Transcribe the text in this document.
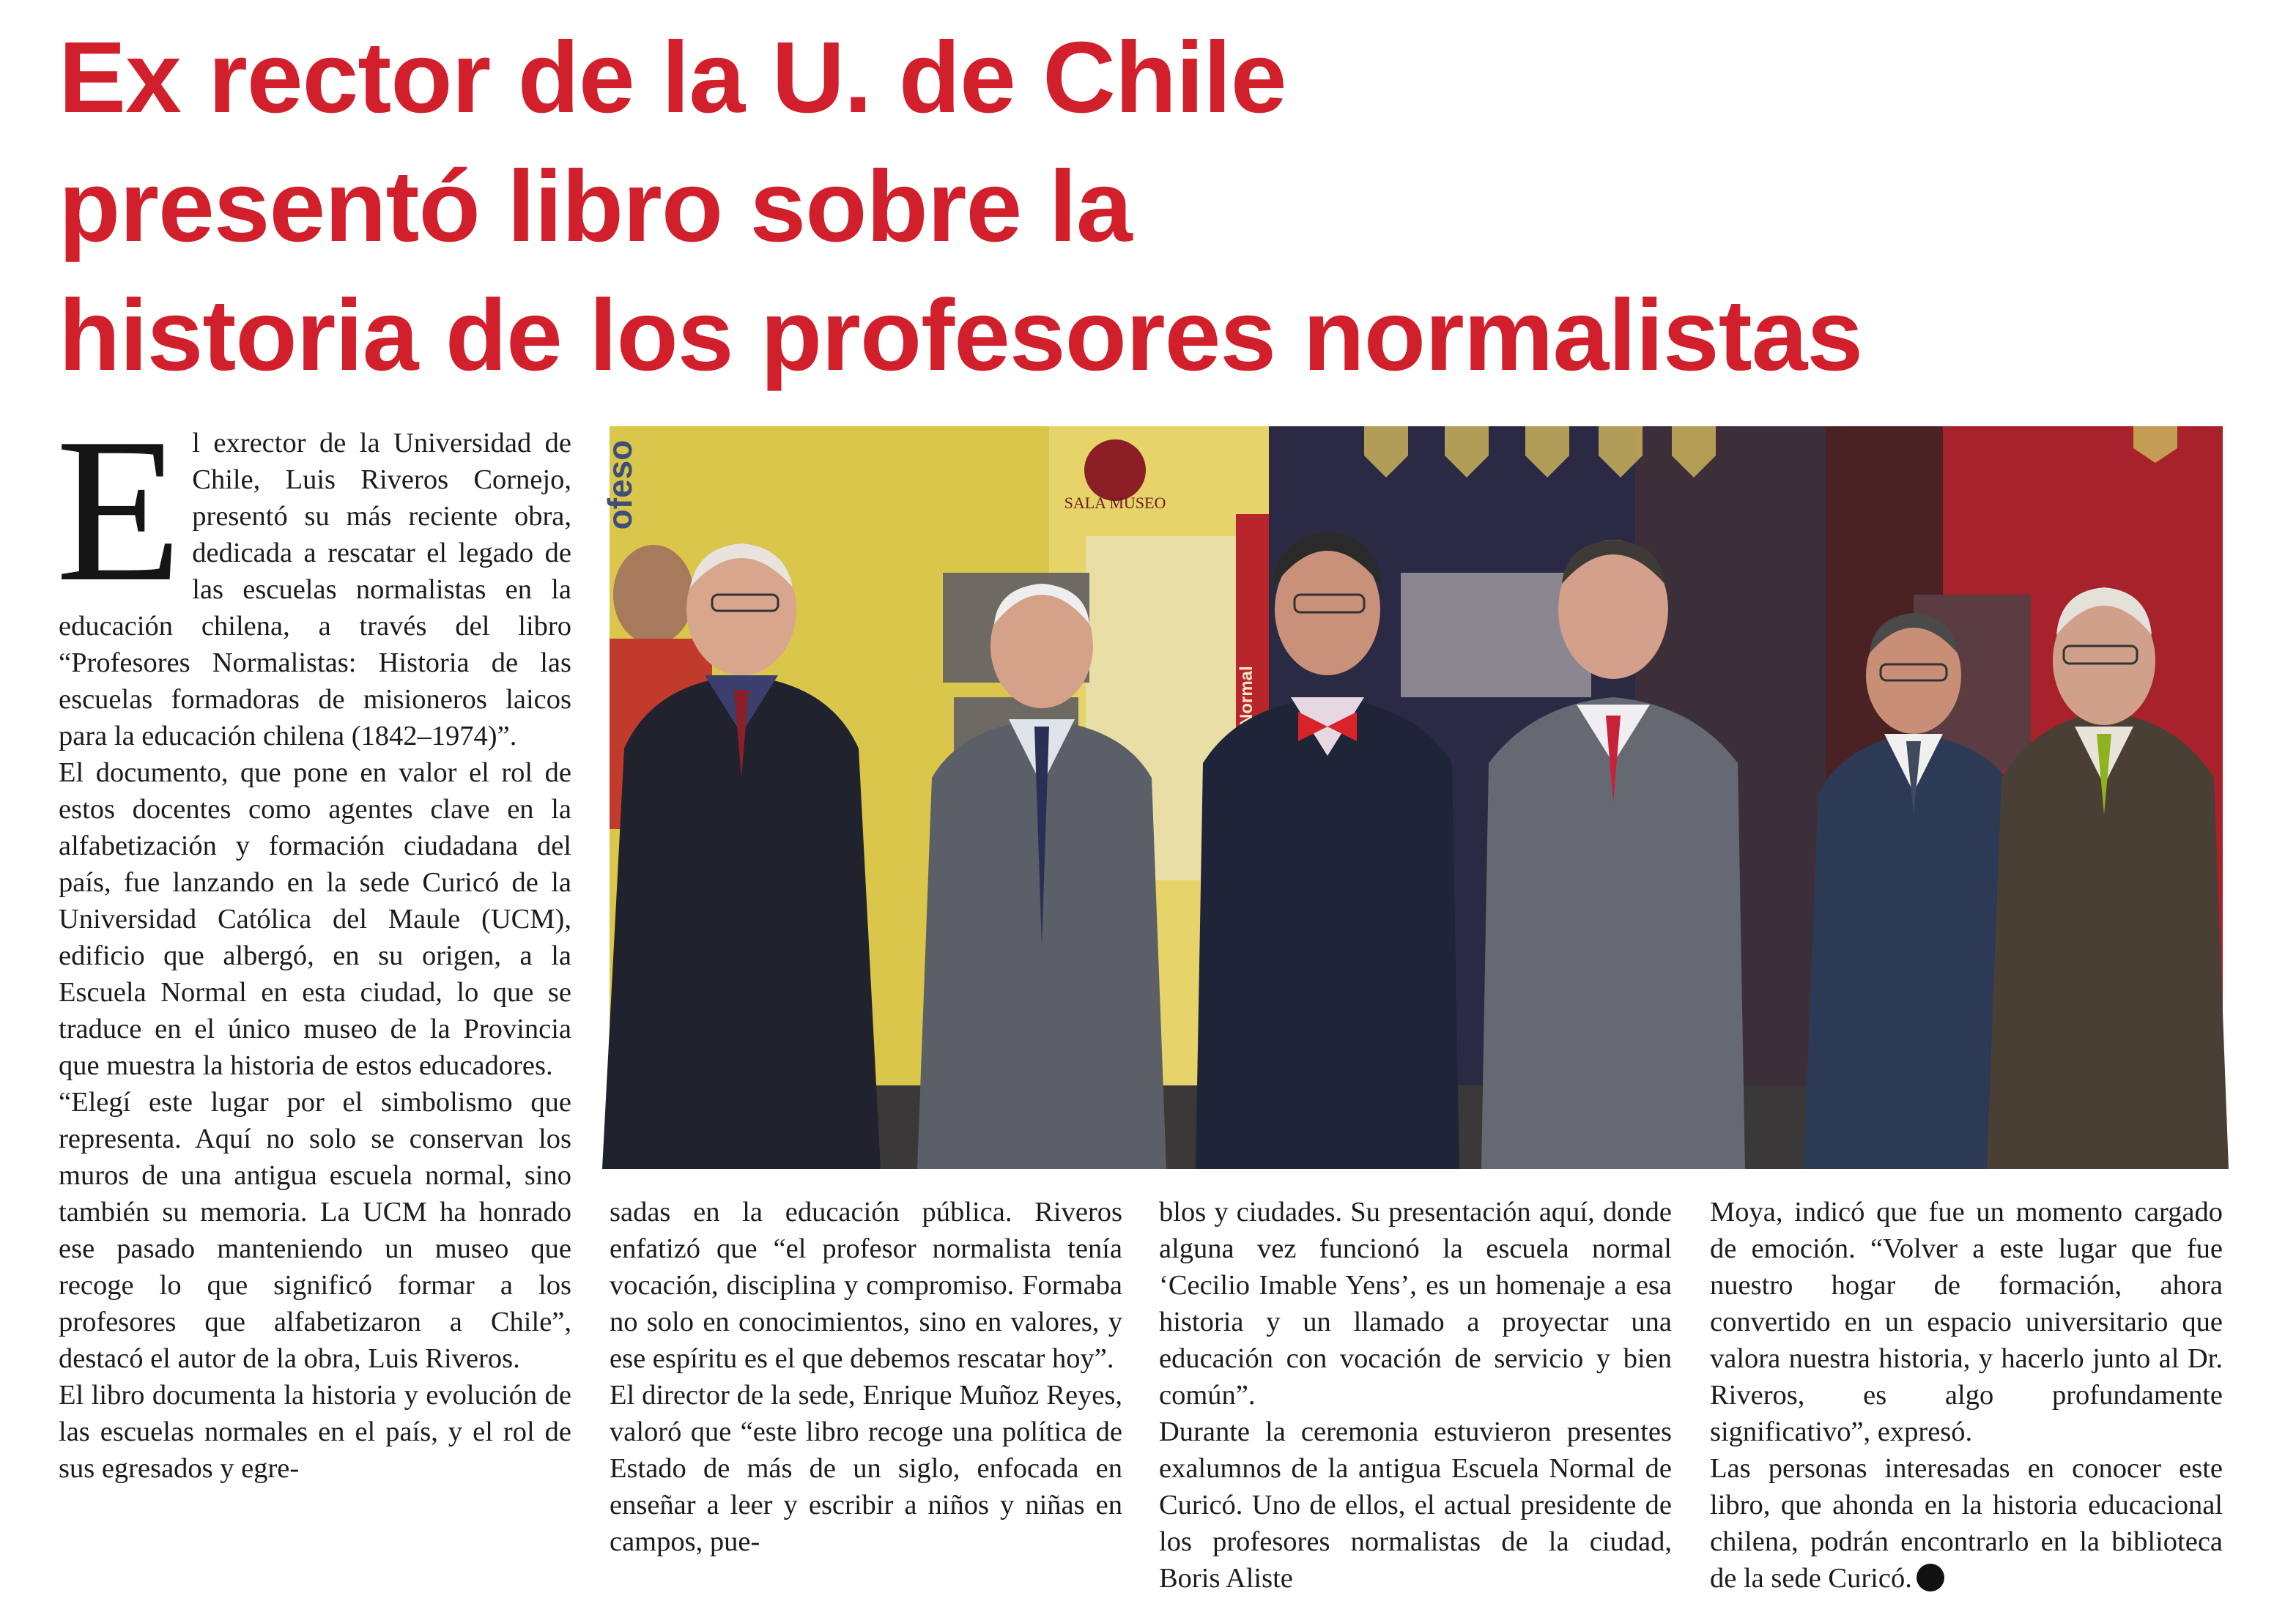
Ex rector de la U. de Chile
presentó libro sobre la
historia de los profesores normalistas
E l exrector de la Universidad de Chile, Luis Riveros Cornejo, presentó su más reciente obra, dedicada a rescatar el legado de las escuelas normalistas en la educación chilena, a través del libro “Profesores Normalistas: Historia de las escuelas formadoras de misioneros laicos para la educación chilena (1842–1974)”.

El documento, que pone en valor el rol de estos docentes como agentes clave en la alfabetización y formación ciudadana del país, fue lanzando en la sede Curicó de la Universidad Católica del Maule (UCM), edificio que albergó, en su origen, a la Escuela Normal en esta ciudad, lo que se traduce en el único museo de la Provincia que muestra la historia de estos educadores.

“Elegí este lugar por el simbolismo que representa. Aquí no solo se conservan los muros de una antigua escuela normal, sino también su memoria. La UCM ha honrado ese pasado manteniendo un museo que recoge lo que significó formar a los profesores que alfabetizaron a Chile”, destacó el autor de la obra, Luis Riveros.

El libro documenta la historia y evolución de las escuelas normales en el país, y el rol de sus egresados y egre-

SALA MUSEO
ofeso

sadas en la educación pública. Riveros enfatizó que “el profesor normalista tenía vocación, disciplina y compromiso. Formaba no solo en conocimientos, sino en valores, y ese espíritu es el que debemos rescatar hoy”.

El director de la sede, Enrique Muñoz Reyes, valoró que “este libro recoge una política de Estado de más de un siglo, enfocada en enseñar a leer y escribir a niños y niñas en campos, pue-

blos y ciudades. Su presentación aquí, donde alguna vez funcionó la escuela normal ‘Cecilio Imable Yens’, es un homenaje a esa historia y un llamado a proyectar una educación con vocación de servicio y bien común”.

Durante la ceremonia estuvieron presentes exalumnos de la antigua Escuela Normal de Curicó. Uno de ellos, el actual presidente de los profesores normalistas de la ciudad, Boris Aliste

Moya, indicó que fue un momento cargado de emoción. “Volver a este lugar que fue nuestro hogar de formación, ahora convertido en un espacio universitario que valora nuestra historia, y hacerlo junto al Dr. Riveros, es algo profundamente significativo”, expresó.

Las personas interesadas en conocer este libro, que ahonda en la historia educacional chilena, podrán encontrarlo en la biblioteca de la sede Curicó.
